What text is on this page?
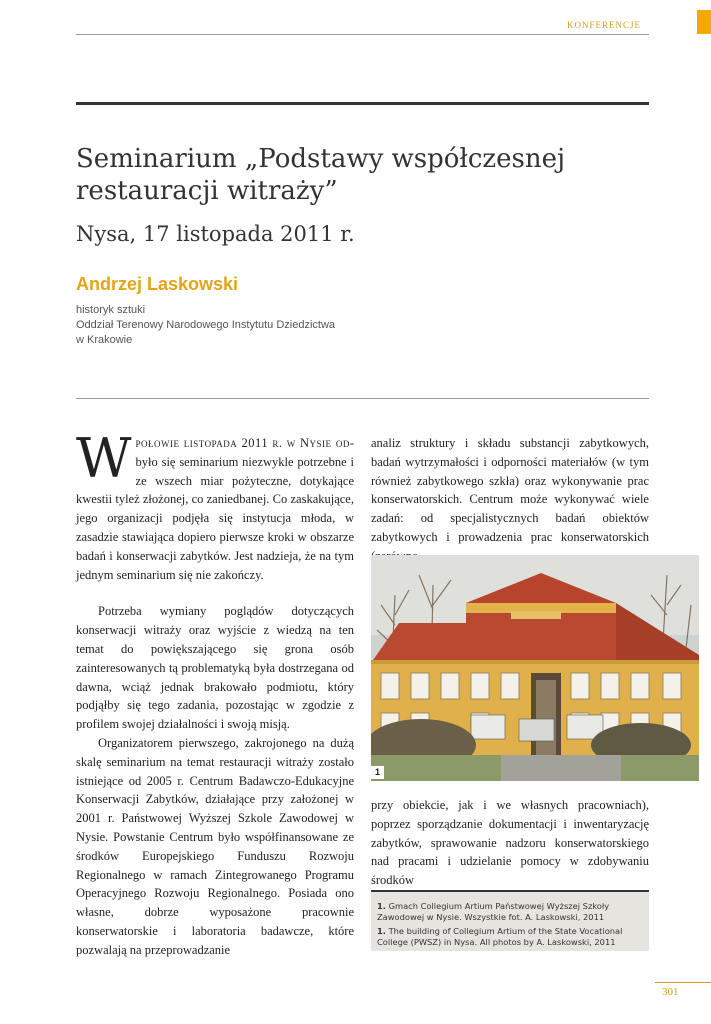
KONFERENCJE
Seminarium „Podstawy współczesnej restauracji witraży”
Nysa, 17 listopada 2011 r.
Andrzej Laskowski
historyk sztuki
Oddział Terenowy Narodowego Instytutu Dziedzictwa
w Krakowie

Wpołowie listopada 2011 r. w Nysie od-było się seminarium niezwykle potrzebne i ze wszech miar pożyteczne, dotykające kwestii tyleż złożonej, co zaniedbanej. Co zaskakujące, jego organizacji podjęła się instytucja młoda, w zasadzie stawiająca dopiero pierwsze kroki w obszarze badań i konserwacji zabytków. Jest nadzieja, że na tym jednym seminarium się nie zakończy.

Potrzeba wymiany poglądów dotyczących konserwacji witraży oraz wyjście z wiedzą na ten temat do powiększającego się grona osób zainteresowanych tą problematyką była dostrzegana od dawna, wciąż jednak brakowało podmiotu, który podjąłby się tego zadania, pozostając w zgodzie z profilem swojej działalności i swoją misją.

Organizatorem pierwszego, zakrojonego na dużą skalę seminarium na temat restauracji witraży zostało istniejące od 2005 r. Centrum Badawczo-Edukacyjne Konserwacji Zabytków, działające przy założonej w 2001 r. Państwowej Wyższej Szkole Zawodowej w Nysie. Powstanie Centrum było współfinansowane ze środków Europejskiego Funduszu Rozwoju Regionalnego w ramach Zintegrowanego Programu Operacyjnego Rozwoju Regionalnego. Posiada ono własne, dobrze wyposażone pracownie konserwatorskie i laboratoria badawcze, które pozwalają na przeprowadzanie

analiz struktury i składu substancji zabytkowych, badań wytrzymałości i odporności materiałów (w tym również zabytkowego szkła) oraz wykonywanie prac konserwatorskich. Centrum może wykonywać wiele zadań: od specjalistycznych badań obiektów zabytkowych i prowadzenia prac konserwatorskich

1

przy obiekcie, jak i we własnych pracowniach), poprzez sporządzanie dokumentacji i inwentaryzację zabytków, sprawowanie nadzoru konserwatorskiego nad pracami i udzielanie pomocy w zdobywaniu środków

1. Gmach Collegium Artium Państwowej Wyższej Szkoły Zawodowej w Nysie. Wszystkie fot. A. Laskowski, 2011

1. The building of Collegium Artium of the State Vocational College (PWSZ) in Nysa. All photos by A. Laskowski, 2011

301
